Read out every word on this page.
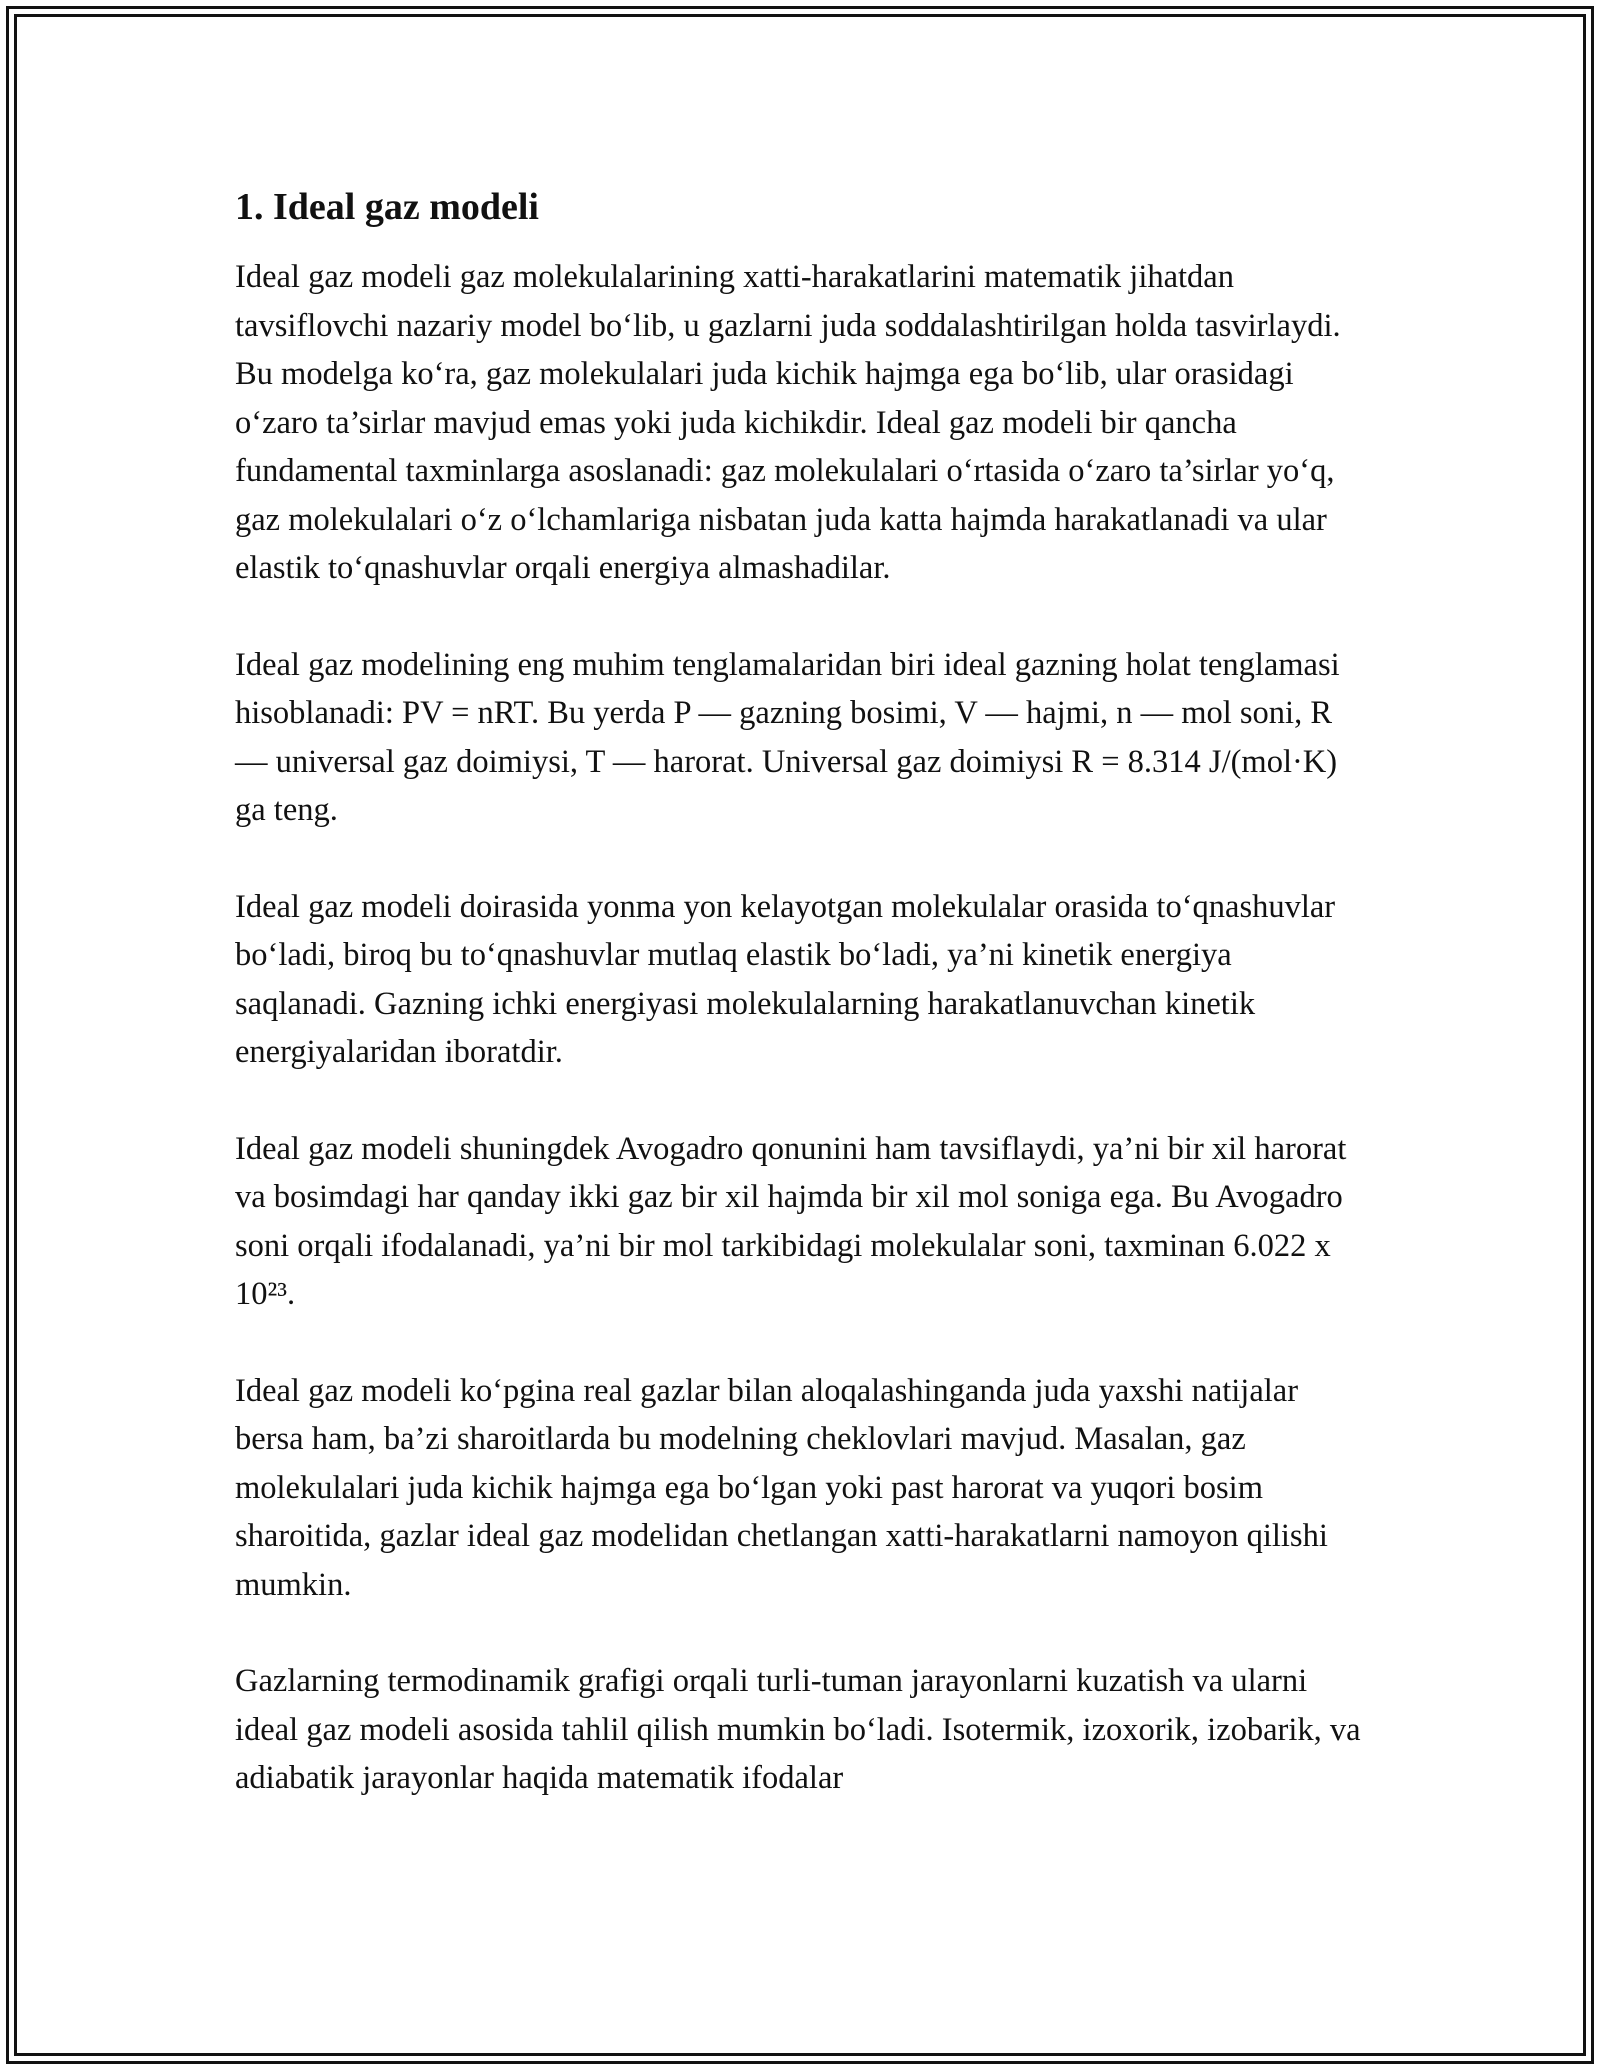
1. Ideal gaz modeli

Ideal gaz modeli gaz molekulalarining xatti-harakatlarini matematik jihatdan tavsiflovchi nazariy model bo‘lib, u gazlarni juda soddalashtirilgan holda tasvirlaydi. Bu modelga ko‘ra, gaz molekulalari juda kichik hajmga ega bo‘lib, ular orasidagi o‘zaro ta’sirlar mavjud emas yoki juda kichikdir. Ideal gaz modeli bir qancha fundamental taxminlarga asoslanadi: gaz molekulalari o‘rtasida o‘zaro ta’sirlar yo‘q, gaz molekulalari o‘z o‘lchamlariga nisbatan juda katta hajmda harakatlanadi va ular elastik to‘qnashuvlar orqali energiya almashadilar.

Ideal gaz modelining eng muhim tenglamalaridan biri ideal gazning holat tenglamasi hisoblanadi: PV = nRT. Bu yerda P — gazning bosimi, V — hajmi, n — mol soni, R — universal gaz doimiysi, T — harorat. Universal gaz doimiysi R = 8.314 J/(mol·K) ga teng.

Ideal gaz modeli doirasida yonma yon kelayotgan molekulalar orasida to‘qnashuvlar bo‘ladi, biroq bu to‘qnashuvlar mutlaq elastik bo‘ladi, ya’ni kinetik energiya saqlanadi. Gazning ichki energiyasi molekulalarning harakatlanuvchan kinetik energiyalaridan iboratdir.

Ideal gaz modeli shuningdek Avogadro qonunini ham tavsiflaydi, ya’ni bir xil harorat va bosimdagi har qanday ikki gaz bir xil hajmda bir xil mol soniga ega. Bu Avogadro soni orqali ifodalanadi, ya’ni bir mol tarkibidagi molekulalar soni, taxminan 6.022 x 10²³.

Ideal gaz modeli ko‘pgina real gazlar bilan aloqalashinganda juda yaxshi natijalar bersa ham, ba’zi sharoitlarda bu modelning cheklovlari mavjud. Masalan, gaz molekulalari juda kichik hajmga ega bo‘lgan yoki past harorat va yuqori bosim sharoitida, gazlar ideal gaz modelidan chetlangan xatti-harakatlarni namoyon qilishi mumkin.

Gazlarning termodinamik grafigi orqali turli-tuman jarayonlarni kuzatish va ularni ideal gaz modeli asosida tahlil qilish mumkin bo‘ladi. Isotermik, izoxorik, izobarik, va adiabatik jarayonlar haqida matematik ifodalar
